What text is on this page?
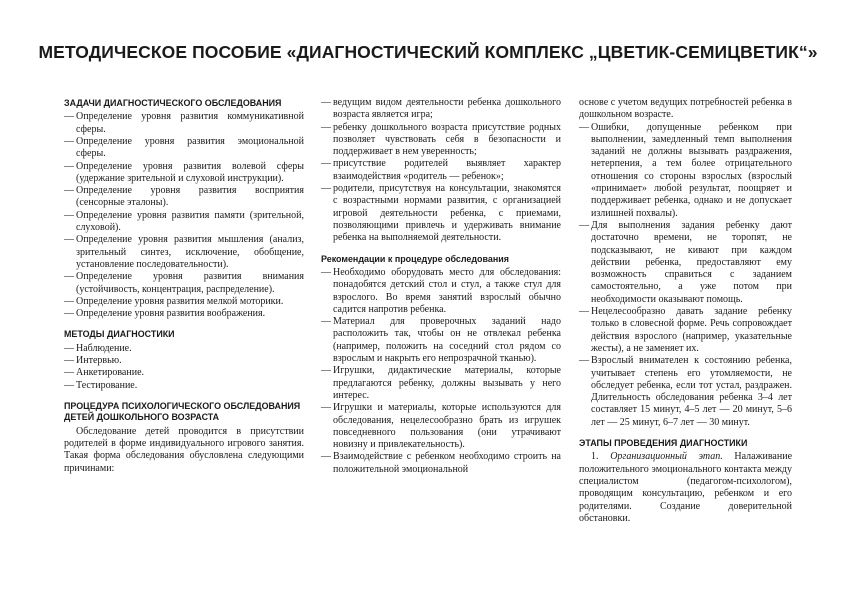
МЕТОДИЧЕСКОЕ ПОСОБИЕ «ДИАГНОСТИЧЕСКИЙ КОМПЛЕКС „ЦВЕТИК-СЕМИЦВЕТИК“»
ЗАДАЧИ ДИАГНОСТИЧЕСКОГО ОБСЛЕДОВАНИЯ
— Определение уровня развития коммуникативной сферы.
— Определение уровня развития эмоциональной сферы.
— Определение уровня развития волевой сферы (удержание зрительной и слуховой инструкции).
— Определение уровня развития восприятия (сенсорные эталоны).
— Определение уровня развития памяти (зрительной, слуховой).
— Определение уровня развития мышления (анализ, зрительный синтез, исключение, обобщение, установление последовательности).
— Определение уровня развития внимания (устойчивость, концентрация, распределение).
— Определение уровня развития мелкой моторики.
— Определение уровня развития воображения.
МЕТОДЫ ДИАГНОСТИКИ
— Наблюдение.
— Интервью.
— Анкетирование.
— Тестирование.
ПРОЦЕДУРА ПСИХОЛОГИЧЕСКОГО ОБСЛЕДОВАНИЯ ДЕТЕЙ ДОШКОЛЬНОГО ВОЗРАСТА

Обследование детей проводится в присутствии родителей в форме индивидуального игрового занятия. Такая форма обследования обусловлена следующими причинами:

— ведущим видом деятельности ребенка дошкольного возраста является игра;
— ребенку дошкольного возраста присутствие родных позволяет чувствовать себя в безопасности и поддерживает в нем уверенность;
— присутствие родителей выявляет характер взаимодействия «родитель — ребенок»;
— родители, присутствуя на консультации, знакомятся с возрастными нормами развития, с организацией игровой деятельности ребенка, с приемами, позволяющими привлечь и удерживать внимание ребенка на выполняемой деятельности.
Рекомендации к процедуре обследования
— Необходимо оборудовать место для обследования: понадобятся детский стол и стул, а также стул для взрослого. Во время занятий взрослый обычно садится напротив ребенка.
— Материал для проверочных заданий надо расположить так, чтобы он не отвлекал ребенка (например, положить на соседний стол рядом со взрослым и накрыть его непрозрачной тканью).
— Игрушки, дидактические материалы, которые предлагаются ребенку, должны вызывать у него интерес.
— Игрушки и материалы, которые используются для обследования, нецелесообразно брать из игрушек повседневного пользования (они утрачивают новизну и привлекательность).
— Взаимодействие с ребенком необходимо строить на положительной эмоциональной

основе с учетом ведущих потребностей ребенка в дошкольном возрасте.

— Ошибки, допущенные ребенком при выполнении, замедленный темп выполнения заданий не должны вызывать раздражения, нетерпения, а тем более отрицательного отношения со стороны взрослых (взрослый «принимает» любой результат, поощряет и поддерживает ребенка, однако и не допускает излишней похвалы).
— Для выполнения задания ребенку дают достаточно времени, не торопят, не подсказывают, не кивают при каждом действии ребенка, предоставляют ему возможность справиться с заданием самостоятельно, а уже потом при необходимости оказывают помощь.
— Нецелесообразно давать задание ребенку только в словесной форме. Речь сопровождает действия взрослого (например, указательные жесты), а не заменяет их.
— Взрослый внимателен к состоянию ребенка, учитывает степень его утомляемости, не обследует ребенка, если тот устал, раздражен. Длительность обследования ребенка 3–4 лет составляет 15 минут, 4–5 лет — 20 минут, 5–6 лет — 25 минут, 6–7 лет — 30 минут.
ЭТАПЫ ПРОВЕДЕНИЯ ДИАГНОСТИКИ

1. Организационный этап. Налаживание положительного эмоционального контакта между специалистом (педагогом-психологом), проводящим консультацию, ребенком и его родителями. Создание доверительной обстановки.
